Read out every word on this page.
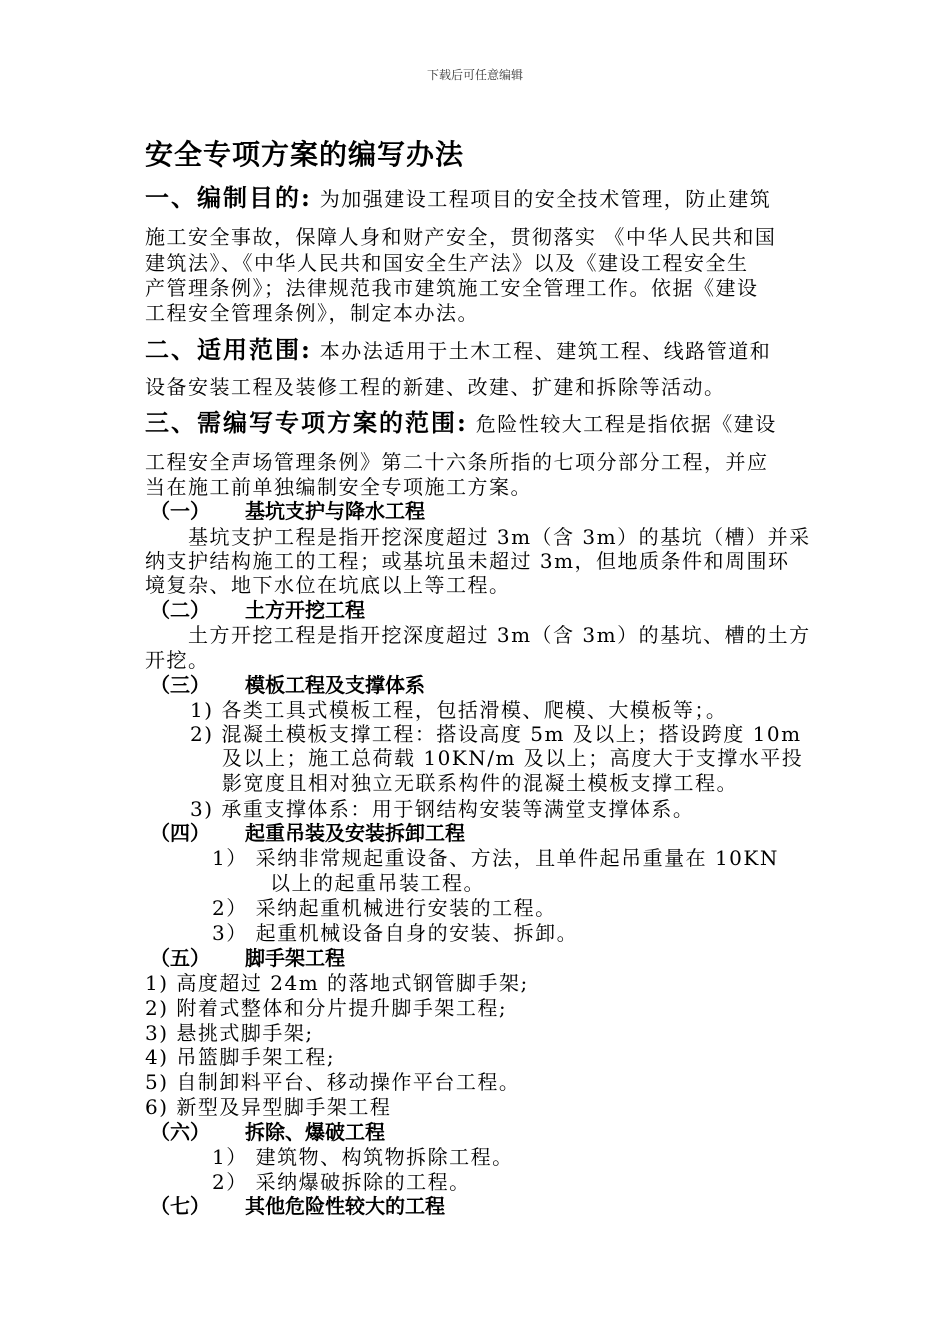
下载后可任意编辑
安全专项方案的编写办法
一、编制目的: 为加强建设工程项目的安全技术管理，防止建筑
施工安全事故，保障人身和财产安全，贯彻落实 《中华人民共和国
建筑法》、《中华人民共和国安全生产法》以及《建设工程安全生
产管理条例》；法律规范我市建筑施工安全管理工作。依据《建设
工程安全管理条例》，制定本办法。
二、适用范围: 本办法适用于土木工程、建筑工程、线路管道和
设备安装工程及装修工程的新建、改建、扩建和拆除等活动。
三、需编写专项方案的范围: 危险性较大工程是指依据《建设
工程安全声场管理条例》第二十六条所指的七项分部分工程，并应
当在施工前单独编制安全专项施工方案。
（一） 基坑支护与降水工程
基坑支护工程是指开挖深度超过 3m（含 3m）的基坑（槽）并采
纳支护结构施工的工程；或基坑虽未超过 3m，但地质条件和周围环
境复杂、地下水位在坑底以上等工程。
（二） 土方开挖工程
土方开挖工程是指开挖深度超过 3m（含 3m）的基坑、槽的土方
开挖。
（三） 模板工程及支撑体系
1) 各类工具式模板工程，包括滑模、爬模、大模板等；。
2) 混凝土模板支撑工程：搭设高度 5m 及以上；搭设跨度 10m
及以上；施工总荷载 10KN/m 及以上；高度大于支撑水平投
影宽度且相对独立无联系构件的混凝土模板支撑工程。
3) 承重支撑体系：用于钢结构安装等满堂支撑体系。
（四） 起重吊装及安装拆卸工程
1） 采纳非常规起重设备、方法，且单件起吊重量在 10KN
以上的起重吊装工程。
2） 采纳起重机械进行安装的工程。
3） 起重机械设备自身的安装、拆卸。
（五） 脚手架工程
1) 高度超过 24m 的落地式钢管脚手架;
2) 附着式整体和分片提升脚手架工程;
3) 悬挑式脚手架;
4) 吊篮脚手架工程;
5) 自制卸料平台、移动操作平台工程。
6) 新型及异型脚手架工程
（六） 拆除、爆破工程
1） 建筑物、构筑物拆除工程。
2） 采纳爆破拆除的工程。
（七） 其他危险性较大的工程
